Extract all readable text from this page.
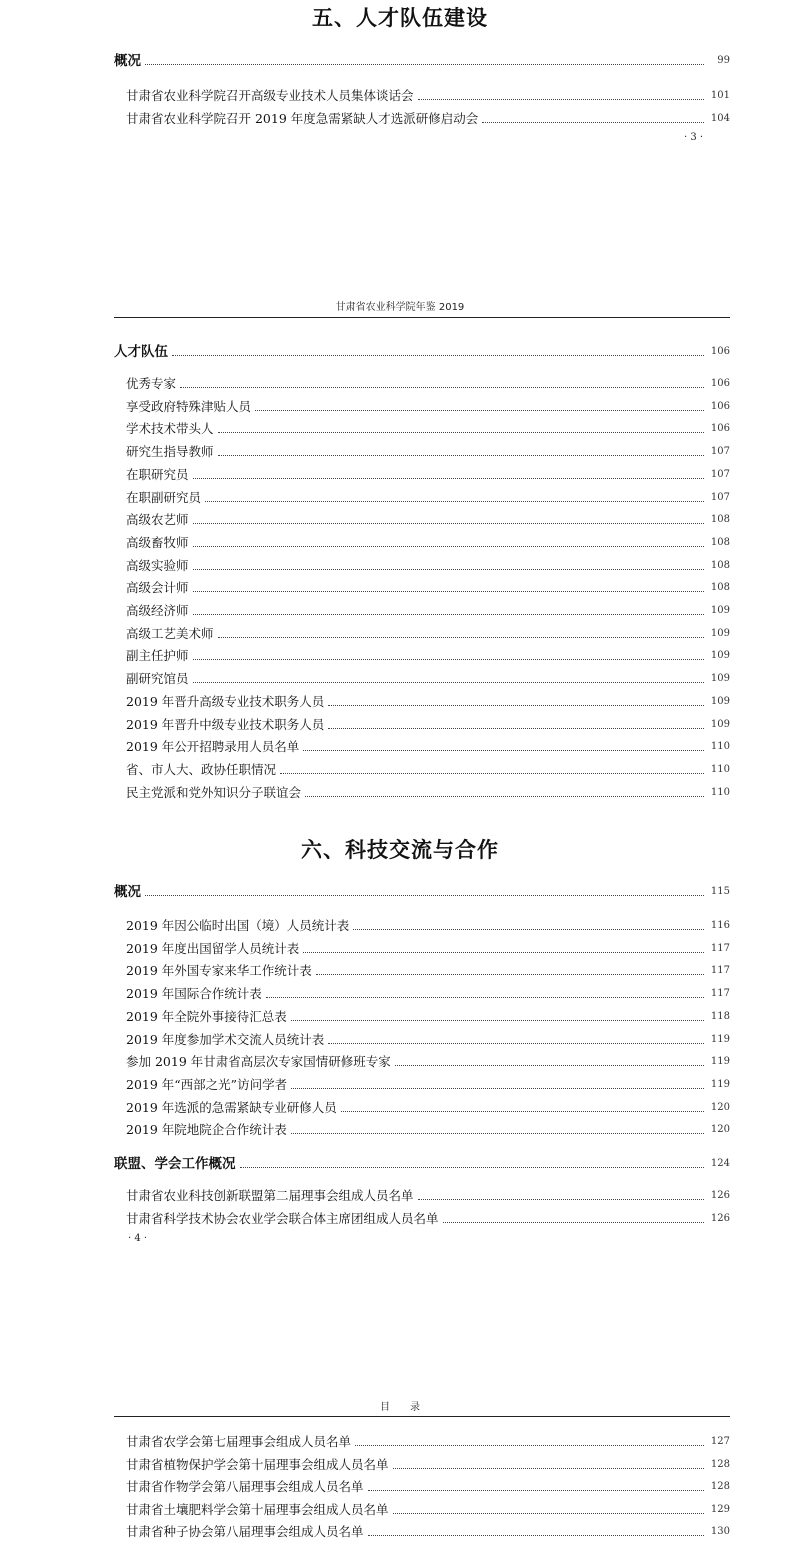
五、人才队伍建设
概况	99
甘肃省农业科学院召开高级专业技术人员集体谈话会	101
甘肃省农业科学院召开 2019 年度急需紧缺人才选派研修启动会	104
人才队伍	106
优秀专家	106
享受政府特殊津贴人员	106
学术技术带头人	106
研究生指导教师	107
在职研究员	107
在职副研究员	107
高级农艺师	108
高级畜牧师	108
高级实验师	108
高级会计师	108
高级经济师	109
高级工艺美术师	109
副主任护师	109
副研究馆员	109
2019 年晋升高级专业技术职务人员	109
2019 年晋升中级专业技术职务人员	109
2019 年公开招聘录用人员名单	110
省、市人大、政协任职情况	110
民主党派和党外知识分子联谊会	110
概况	115
2019 年因公临时出国（境）人员统计表	116
2019 年度出国留学人员统计表	117
2019 年外国专家来华工作统计表	117
2019 年国际合作统计表	117
2019 年全院外事接待汇总表	118
2019 年度参加学术交流人员统计表	119
参加 2019 年甘肃省高层次专家国情研修班专家	119
2019 年“西部之光”访问学者	119
2019 年选派的急需紧缺专业研修人员	120
2019 年院地院企合作统计表	120
联盟、学会工作概况	124
甘肃省农业科技创新联盟第二届理事会组成人员名单	126
甘肃省科学技术协会农业学会联合体主席团组成人员名单	126
甘肃省农学会第七届理事会组成人员名单	127
甘肃省植物保护学会第十届理事会组成人员名单	128
甘肃省作物学会第八届理事会组成人员名单	128
甘肃省土壤肥料学会第十届理事会组成人员名单	129
甘肃省种子协会第八届理事会组成人员名单	130
· 3 ·
甘肃省农业科学院年鉴 2019
六、科技交流与合作
· 4 ·
目　　录
